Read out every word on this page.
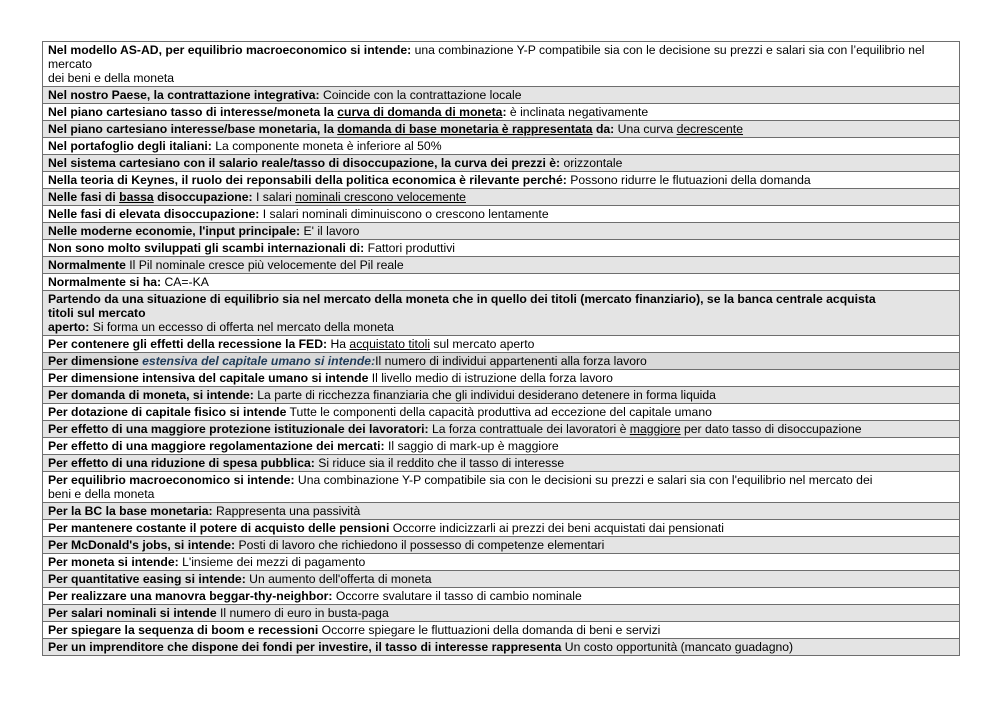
Nel modello AS-AD, per equilibrio macroeconomico si intende: una combinazione Y-P compatibile sia con le decisione su prezzi e salari sia con l’equilibrio nel mercato
dei beni e della moneta

Nel nostro Paese, la contrattazione integrativa: Coincide con la contrattazione locale
Nel piano cartesiano tasso di interesse/moneta la curva di domanda di moneta: è inclinata negativamente
Nel piano cartesiano interesse/base monetaria, la domanda di base monetaria è rappresentata da: Una curva decrescente
Nel portafoglio degli italiani: La componente moneta è inferiore al 50%
Nel sistema cartesiano con il salario reale/tasso di disoccupazione, la curva dei prezzi è: orizzontale
Nella teoria di Keynes, il ruolo dei reponsabili della politica economica è rilevante perché: Possono ridurre le flutuazioni della domanda
Nelle fasi di bassa disoccupazione: I salari nominali crescono velocemente
Nelle fasi di elevata disoccupazione: I salari nominali diminuiscono o crescono lentamente
Nelle moderne economie, l'input principale: E' il lavoro
Non sono molto sviluppati gli scambi internazionali di: Fattori produttivi
Normalmente Il Pil nominale cresce più velocemente del Pil reale
Normalmente si ha: CA=-KA
Partendo da una situazione di equilibrio sia nel mercato della moneta che in quello dei titoli (mercato finanziario), se la banca centrale acquista
titoli sul mercato
aperto: Si forma un eccesso di offerta nel mercato della moneta
Per contenere gli effetti della recessione la FED: Ha acquistato titoli sul mercato aperto
Per dimensione estensiva del capitale umano si intende:Il numero di individui appartenenti alla forza lavoro
Per dimensione intensiva del capitale umano si intende Il livello medio di istruzione della forza lavoro
Per domanda di moneta, si intende: La parte di ricchezza finanziaria che gli individui desiderano detenere in forma liquida
Per dotazione di capitale fisico si intende Tutte le componenti della capacità produttiva ad eccezione del capitale umano
Per effetto di una maggiore protezione istituzionale dei lavoratori: La forza contrattuale dei lavoratori è maggiore per dato tasso di disoccupazione
Per effetto di una maggiore regolamentazione dei mercati: Il saggio di mark-up è maggiore
Per effetto di una riduzione di spesa pubblica: Si riduce sia il reddito che il tasso di interesse
Per equilibrio macroeconomico si intende: Una combinazione Y-P compatibile sia con le decisioni su prezzi e salari sia con l'equilibrio nel mercato dei
beni e della moneta

Per la BC la base monetaria: Rappresenta una passività
Per mantenere costante il potere di acquisto delle pensioni Occorre indicizzarli ai prezzi dei beni acquistati dai pensionati
Per McDonald's jobs, si intende: Posti di lavoro che richiedono il possesso di competenze elementari
Per moneta si intende: L'insieme dei mezzi di pagamento
Per quantitative easing si intende: Un aumento dell'offerta di moneta
Per realizzare una manovra beggar-thy-neighbor: Occorre svalutare il tasso di cambio nominale
Per salari nominali si intende Il numero di euro in busta-paga
Per spiegare la sequenza di boom e recessioni Occorre spiegare le fluttuazioni della domanda di beni e servizi
Per un imprenditore che dispone dei fondi per investire, il tasso di interesse rappresenta Un costo opportunità (mancato guadagno)
